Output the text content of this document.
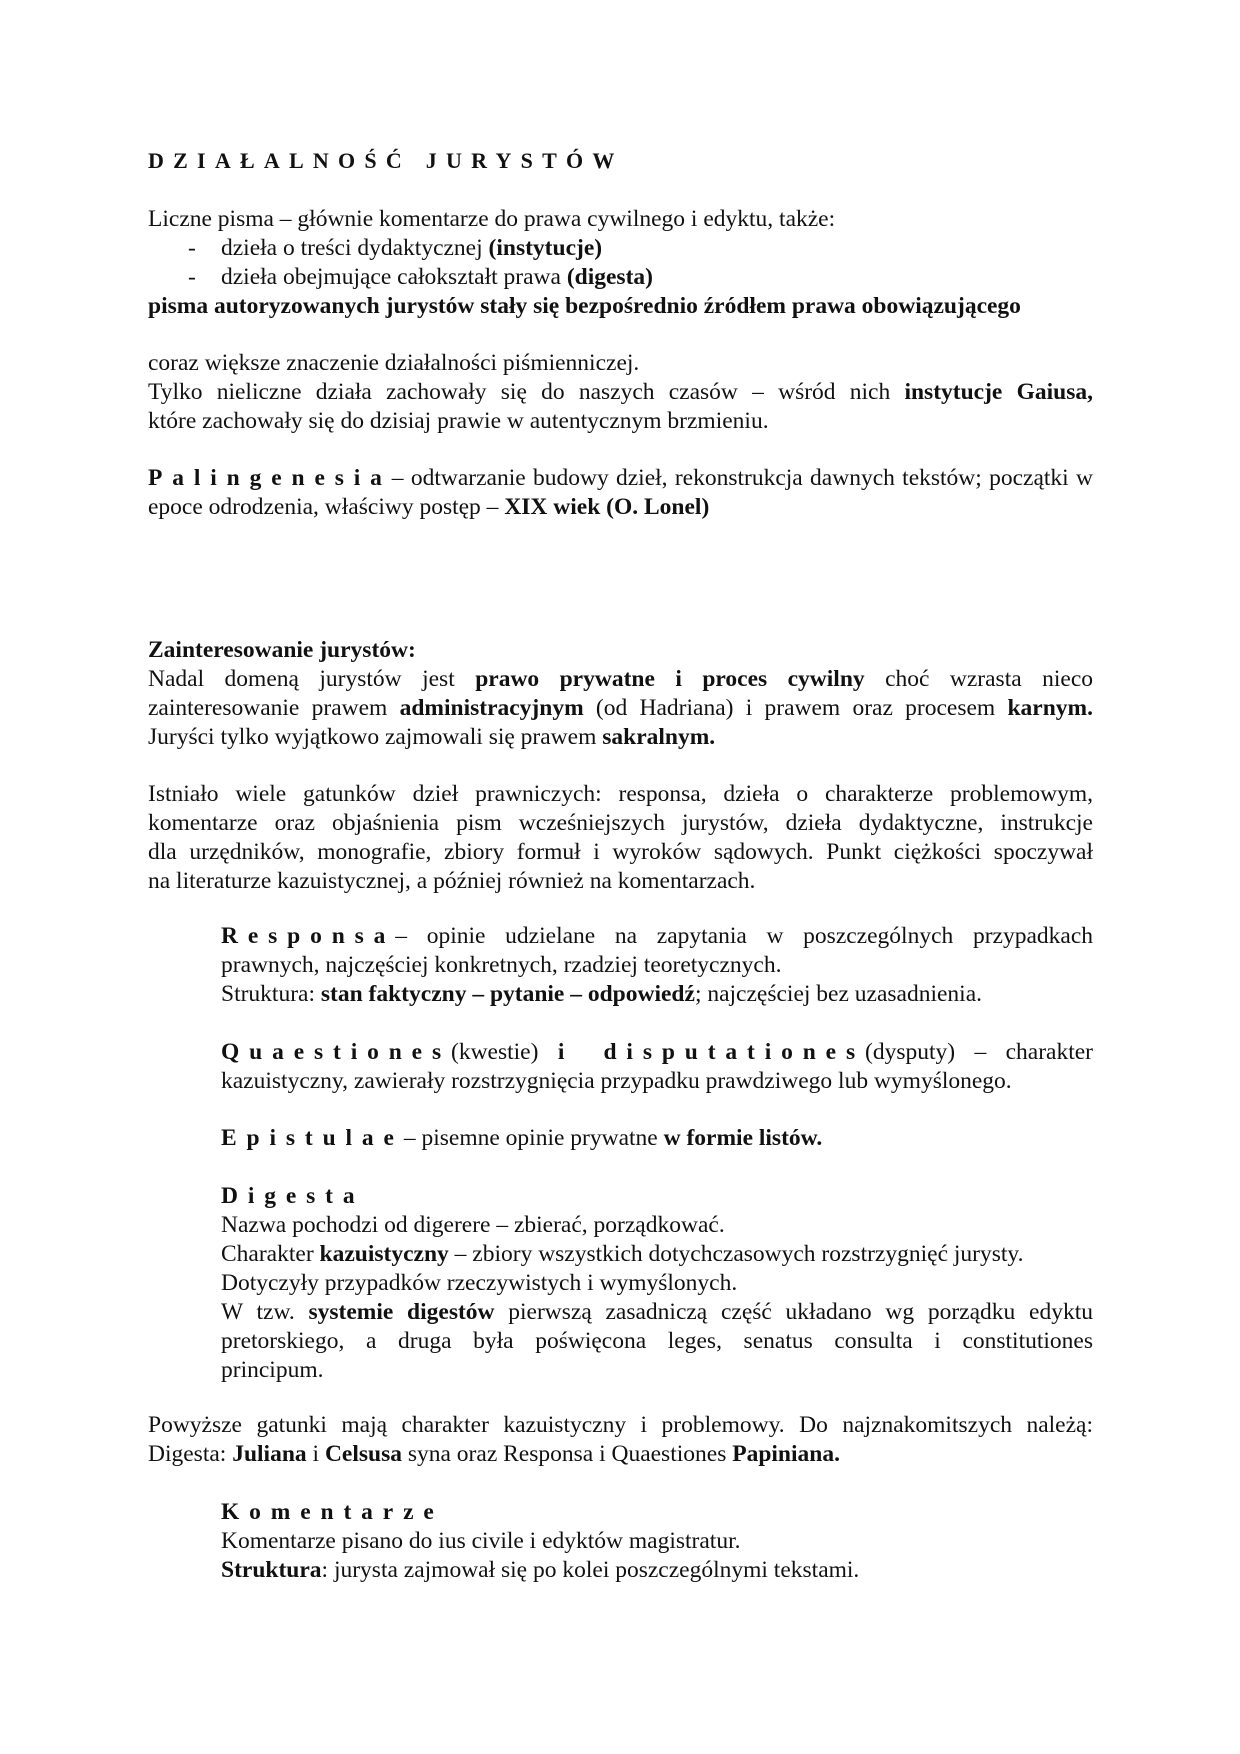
DZIAŁALNOŚĆ JURYSTÓW
Liczne pisma – głównie komentarze do prawa cywilnego i edyktu, także:
-	dzieła o treści dydaktycznej (instytucje)
-	dzieła obejmujące całokształt prawa (digesta)
pisma autoryzowanych jurystów stały się bezpośrednio źródłem prawa obowiązującego
coraz większe znaczenie działalności piśmienniczej.
Tylko nieliczne działa zachowały się do naszych czasów – wśród nich instytucje Gaiusa,
które zachowały się do dzisiaj prawie w autentycznym brzmieniu.
Palingenesia– odtwarzanie budowy dzieł, rekonstrukcja dawnych tekstów; początki w
epoce odrodzenia, właściwy postęp – XIX wiek (O. Lonel)
Zainteresowanie jurystów:
Nadal domeną jurystów jest prawo prywatne i proces cywilny choć wzrasta nieco
zainteresowanie prawem administracyjnym (od Hadriana) i prawem oraz procesem karnym.
Juryści tylko wyjątkowo zajmowali się prawem sakralnym.
Istniało wiele gatunków dzieł prawniczych: responsa, dzieła o charakterze problemowym,
komentarze oraz objaśnienia pism wcześniejszych jurystów, dzieła dydaktyczne, instrukcje
dla urzędników, monografie, zbiory formuł i wyroków sądowych. Punkt ciężkości spoczywał
na literaturze kazuistycznej, a później również na komentarzach.
Responsa– opinie udzielane na zapytania w poszczególnych przypadkach
prawnych, najczęściej konkretnych, rzadziej teoretycznych.
Struktura: stan faktyczny – pytanie – odpowiedź; najczęściej bez uzasadnienia.
Quaestiones(kwestie) i disputationes(dysputy) – charakter
kazuistyczny, zawierały rozstrzygnięcia przypadku prawdziwego lub wymyślonego.
Epistulae– pisemne opinie prywatne w formie listów.
Digesta
Nazwa pochodzi od digerere – zbierać, porządkować.
Charakter kazuistyczny – zbiory wszystkich dotychczasowych rozstrzygnięć jurysty.
Dotyczyły przypadków rzeczywistych i wymyślonych.
W tzw. systemie digestów pierwszą zasadniczą część układano wg porządku edyktu
pretorskiego, a druga była poświęcona leges, senatus consulta i constitutiones
principum.
Powyższe gatunki mają charakter kazuistyczny i problemowy. Do najznakomitszych należą:
Digesta: Juliana i Celsusa syna oraz Responsa i Quaestiones Papiniana.
Komentarze
Komentarze pisano do ius civile i edyktów magistratur.
Struktura: jurysta zajmował się po kolei poszczególnymi tekstami.
